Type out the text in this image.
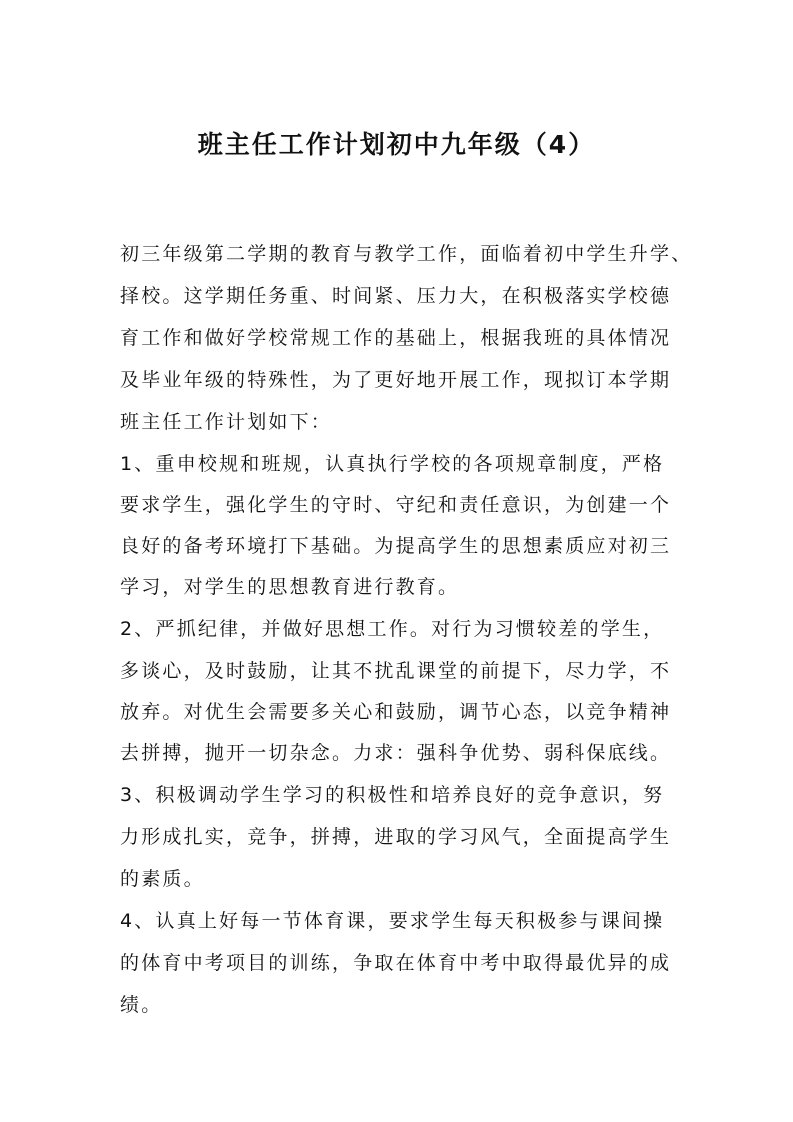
班主任工作计划初中九年级（4）
初三年级第二学期的教育与教学工作，面临着初中学生升学、
择校。这学期任务重、时间紧、压力大，在积极落实学校德
育工作和做好学校常规工作的基础上，根据我班的具体情况
及毕业年级的特殊性，为了更好地开展工作，现拟订本学期
班主任工作计划如下：
1、重申校规和班规，认真执行学校的各项规章制度，严格
要求学生，强化学生的守时、守纪和责任意识，为创建一个
良好的备考环境打下基础。为提高学生的思想素质应对初三
学习，对学生的思想教育进行教育。
2、严抓纪律，并做好思想工作。对行为习惯较差的学生，
多谈心，及时鼓励，让其不扰乱课堂的前提下，尽力学，不
放弃。对优生会需要多关心和鼓励，调节心态，以竞争精神
去拼搏，抛开一切杂念。力求：强科争优势、弱科保底线。
3、积极调动学生学习的积极性和培养良好的竞争意识，努
力形成扎实，竞争，拼搏，进取的学习风气，全面提高学生
的素质。
4、认真上好每一节体育课，要求学生每天积极参与课间操
的体育中考项目的训练，争取在体育中考中取得最优异的成
绩。
